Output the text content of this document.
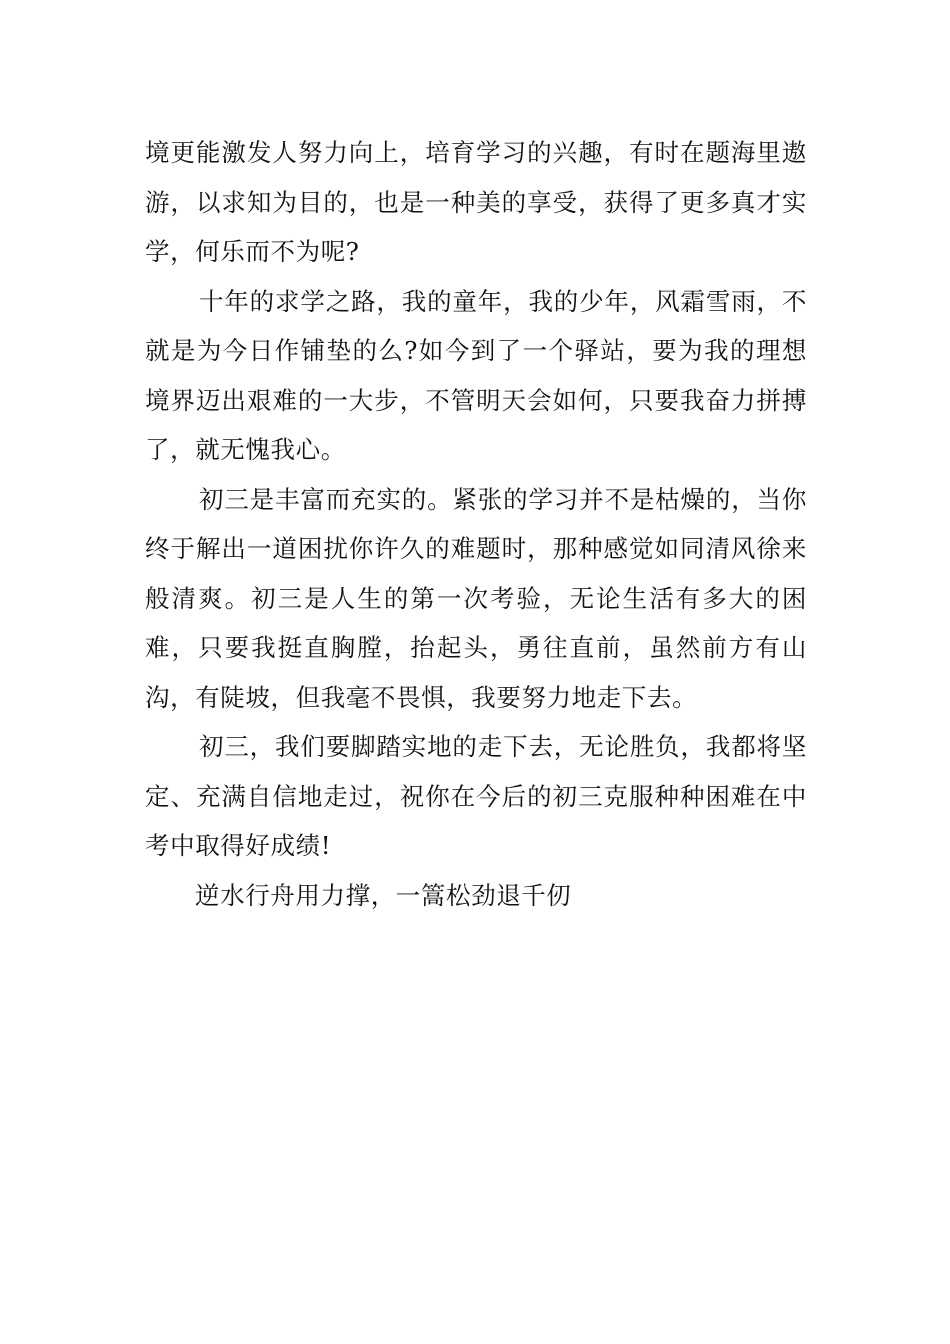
境更能激发人努力向上，培育学习的兴趣，有时在题海里遨游，以求知为目的，也是一种美的享受，获得了更多真才实学，何乐而不为呢?

十年的求学之路，我的童年，我的少年，风霜雪雨，不就是为今日作铺垫的么?如今到了一个驿站，要为我的理想境界迈出艰难的一大步，不管明天会如何，只要我奋力拼搏了，就无愧我心。

初三是丰富而充实的。紧张的学习并不是枯燥的，当你终于解出一道困扰你许久的难题时，那种感觉如同清风徐来般清爽。初三是人生的第一次考验，无论生活有多大的困难，只要我挺直胸膛，抬起头，勇往直前，虽然前方有山沟，有陡坡，但我毫不畏惧，我要努力地走下去。

初三，我们要脚踏实地的走下去，无论胜负，我都将坚定、充满自信地走过，祝你在今后的初三克服种种困难在中考中取得好成绩!

逆水行舟用力撑，一篙松劲退千仞
